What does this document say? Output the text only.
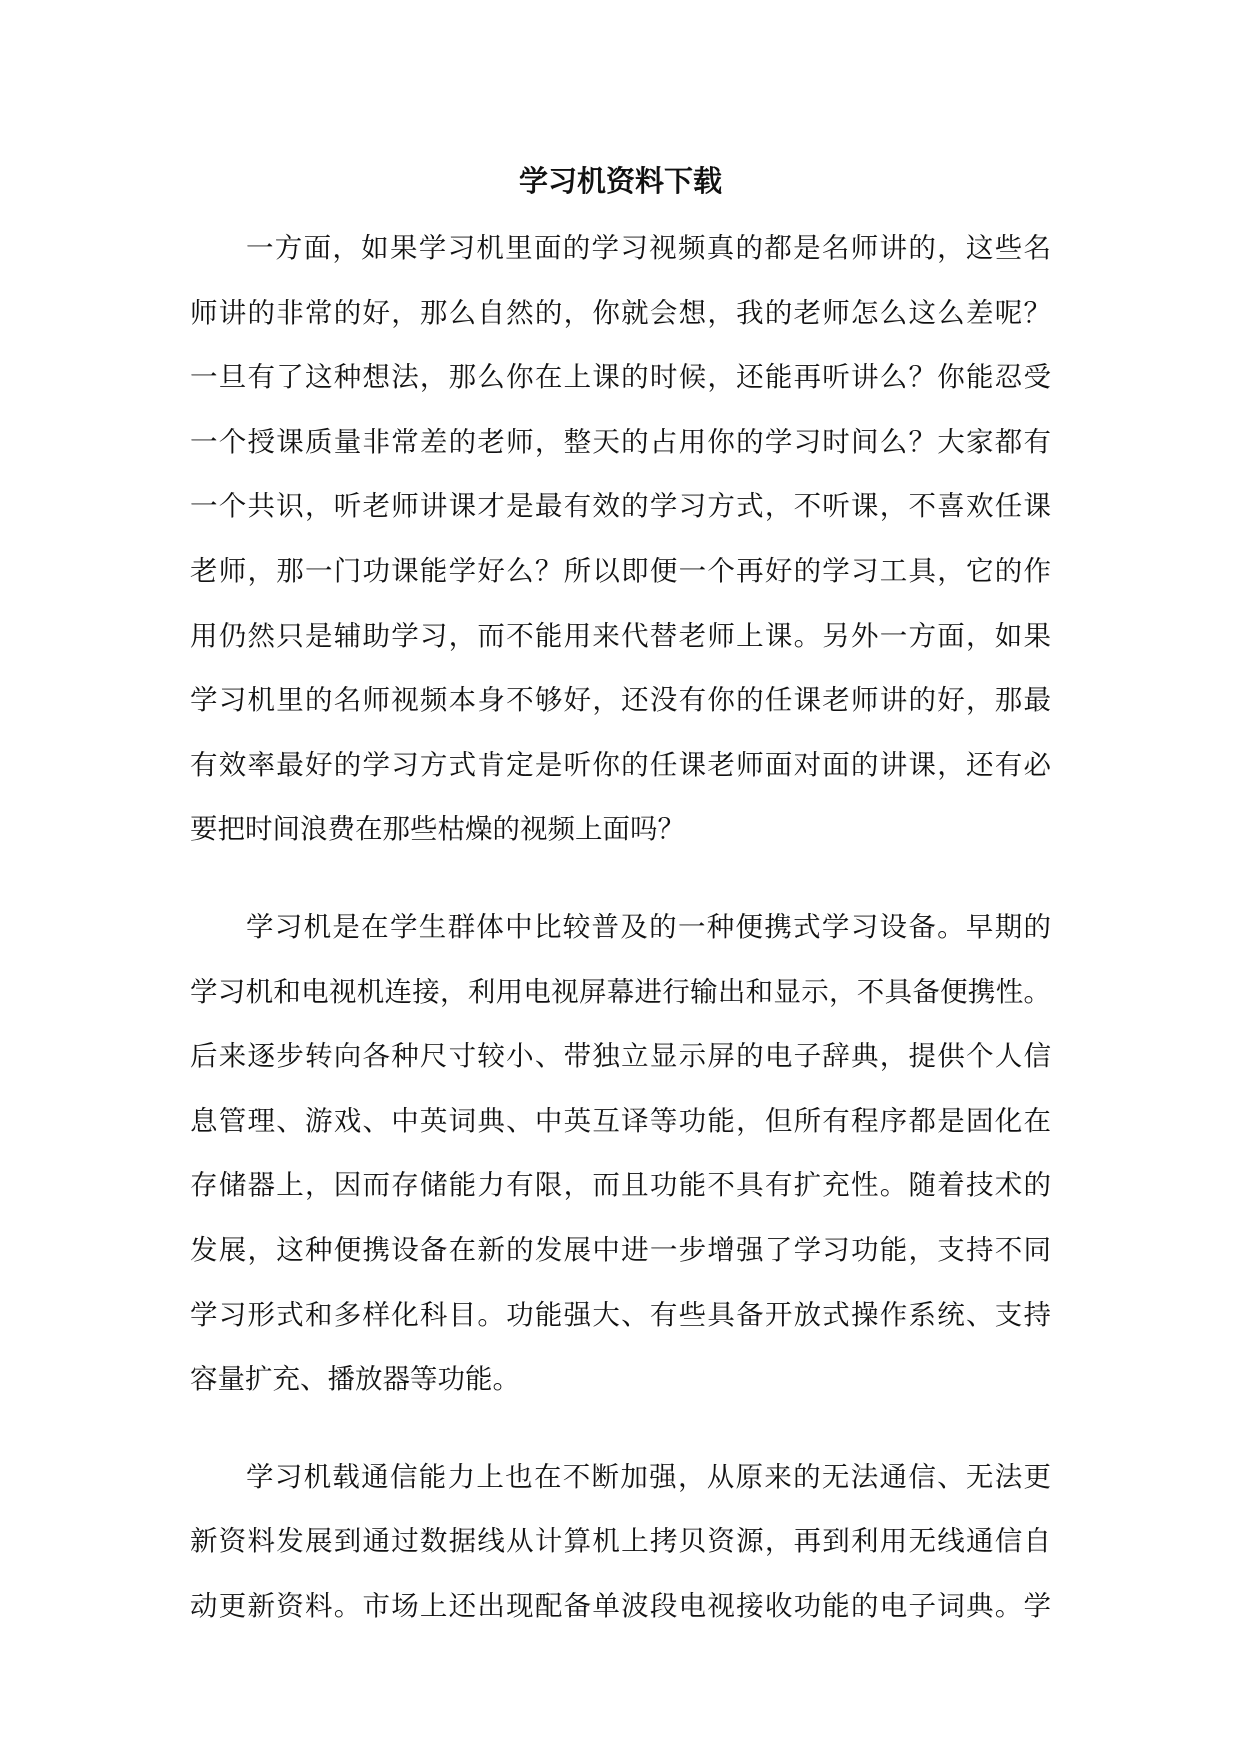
学习机资料下载
一方面，如果学习机里面的学习视频真的都是名师讲的，这些名
师讲的非常的好，那么自然的，你就会想，我的老师怎么这么差呢？
一旦有了这种想法，那么你在上课的时候，还能再听讲么？你能忍受
一个授课质量非常差的老师，整天的占用你的学习时间么？大家都有
一个共识，听老师讲课才是最有效的学习方式，不听课，不喜欢任课
老师，那一门功课能学好么？所以即便一个再好的学习工具，它的作
用仍然只是辅助学习，而不能用来代替老师上课。另外一方面，如果
学习机里的名师视频本身不够好，还没有你的任课老师讲的好，那最
有效率最好的学习方式肯定是听你的任课老师面对面的讲课，还有必
要把时间浪费在那些枯燥的视频上面吗？
学习机是在学生群体中比较普及的一种便携式学习设备。早期的
学习机和电视机连接，利用电视屏幕进行输出和显示，不具备便携性。
后来逐步转向各种尺寸较小、带独立显示屏的电子辞典，提供个人信
息管理、游戏、中英词典、中英互译等功能，但所有程序都是固化在
存储器上，因而存储能力有限，而且功能不具有扩充性。随着技术的
发展，这种便携设备在新的发展中进一步增强了学习功能，支持不同
学习形式和多样化科目。功能强大、有些具备开放式操作系统、支持
容量扩充、播放器等功能。
学习机载通信能力上也在不断加强，从原来的无法通信、无法更
新资料发展到通过数据线从计算机上拷贝资源，再到利用无线通信自
动更新资料。市场上还出现配备单波段电视接收功能的电子词典。学
